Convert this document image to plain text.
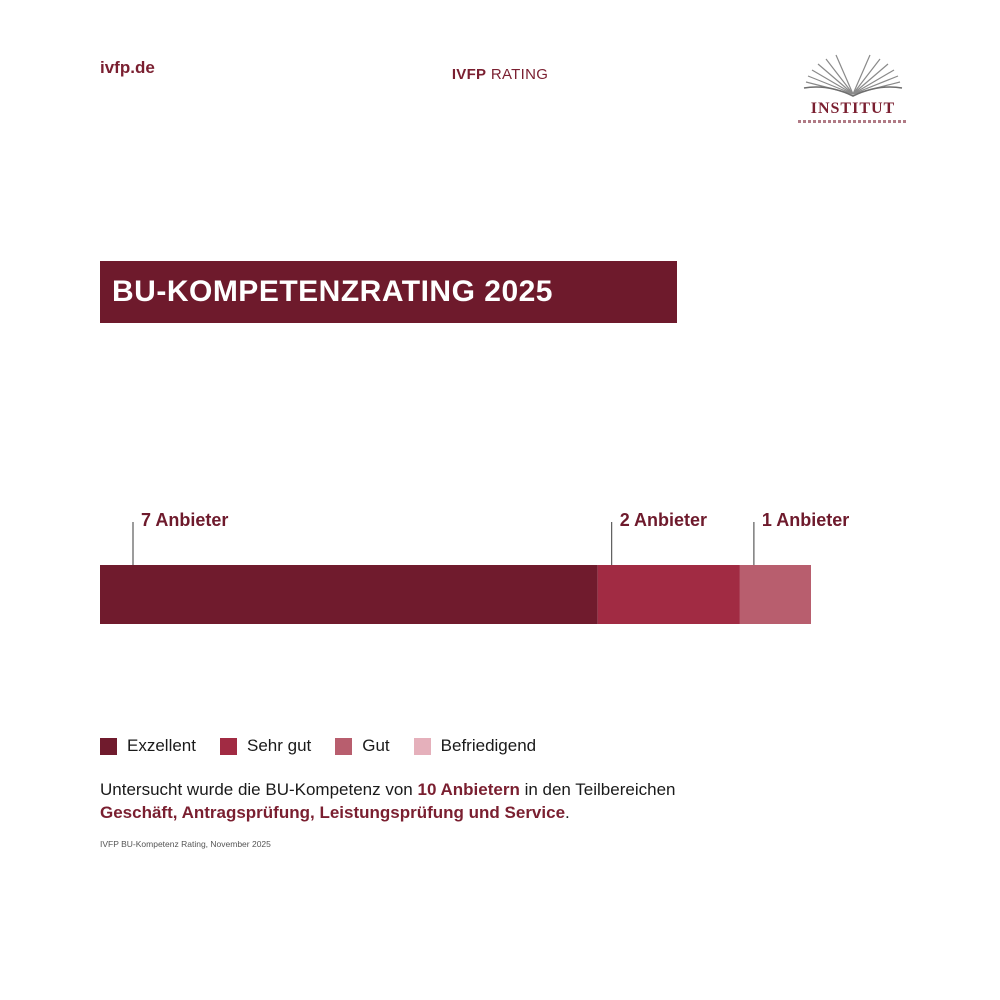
ivfp.de	IVFP RATING
INSTITUT
BU-KOMPETENZRATING 2025
7 Anbieter	2 Anbieter	1 Anbieter
Exzellent	Sehr gut	Gut	Befriedigend
Untersucht wurde die BU-Kompetenz von 10 Anbietern in den Teilbereichen
Geschäft, Antragsprüfung, Leistungsprüfung und Service.
IVFP BU-Kompetenz Rating, November 2025
